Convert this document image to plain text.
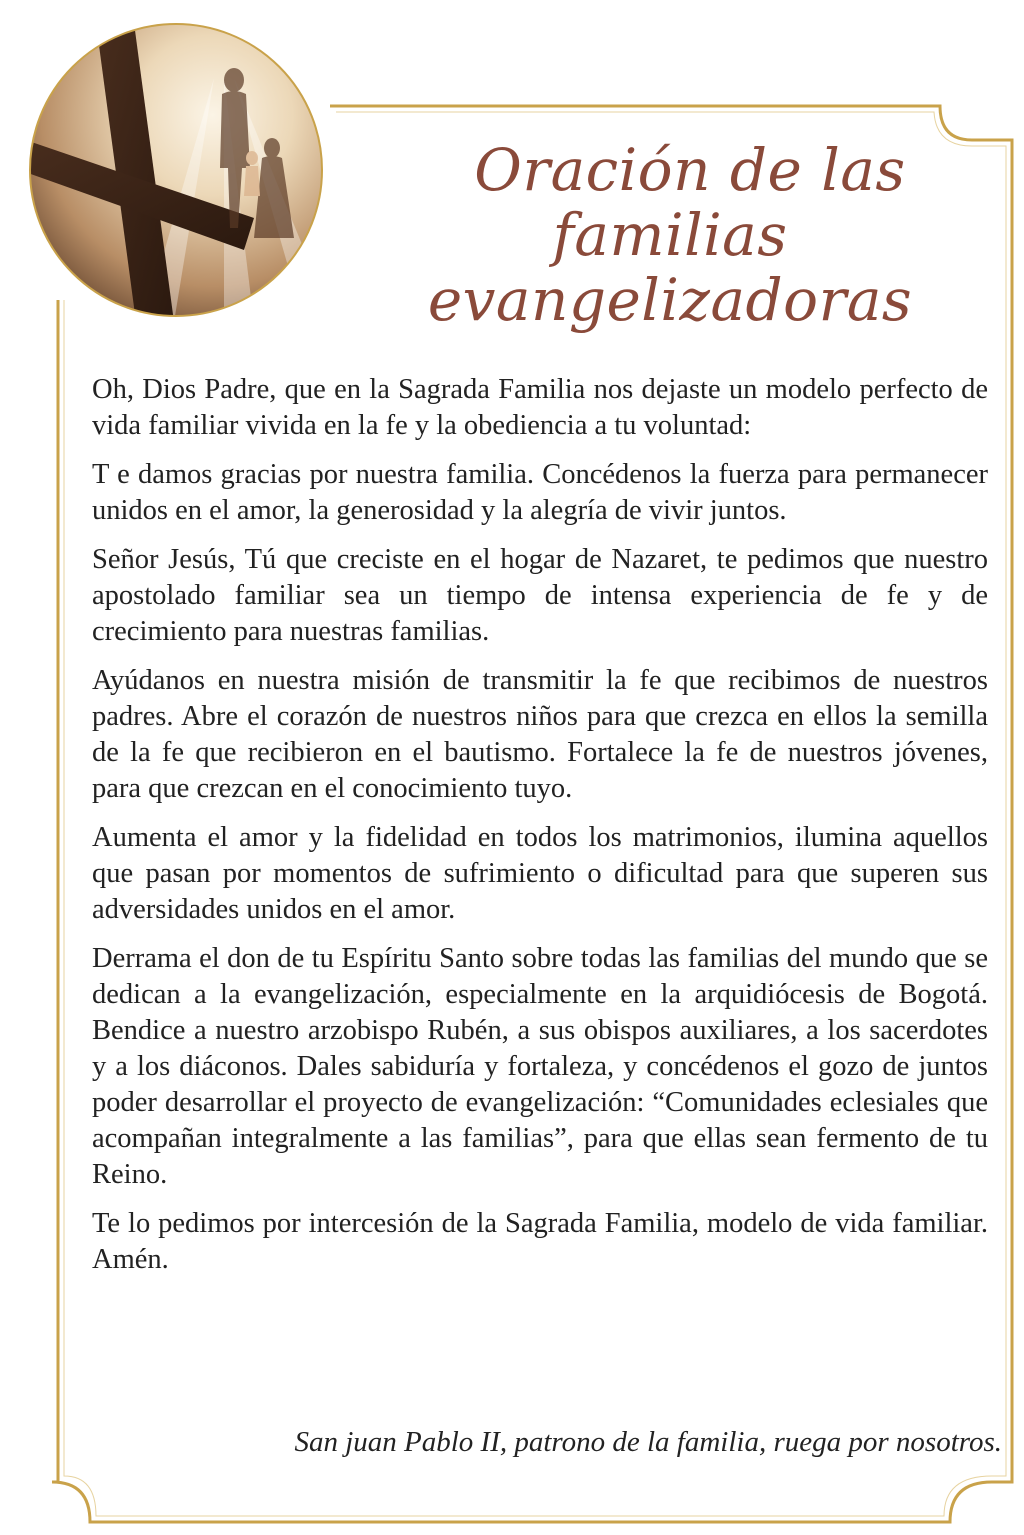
Oración de las
familias evangelizadoras

Oh, Dios Padre, que en la Sagrada Familia nos dejaste un modelo perfecto de vida familiar vivida en la fe y la obediencia a tu voluntad:

T e damos gracias por nuestra familia. Concédenos la fuerza para permanecer unidos en el amor, la generosidad y la alegría de vivir juntos.

Señor Jesús, Tú que creciste en el hogar de Nazaret, te pedimos que nuestro apostolado familiar sea un tiempo de intensa experiencia de fe y de crecimiento para nuestras familias.

Ayúdanos en nuestra misión de transmitir la fe que recibimos de nuestros padres. Abre el corazón de nuestros niños para que crezca en ellos la semilla de la fe que recibieron en el bautismo. Fortalece la fe de nuestros jóvenes, para que crezcan en el conocimiento tuyo.

Aumenta el amor y la fidelidad en todos los matrimonios, ilumina aquellos que pasan por momentos de sufrimiento o dificultad para que superen sus adversidades unidos en el amor.

Derrama el don de tu Espíritu Santo sobre todas las familias del mundo que se dedican a la evangelización, especialmente en la arquidiócesis de Bogotá. Bendice a nuestro arzobispo Rubén, a sus obispos auxiliares, a los sacerdotes y a los diáconos. Dales sabiduría y fortaleza, y concédenos el gozo de juntos poder desarrollar el proyecto de evangelización: “Comunidades eclesiales que acompañan integralmente a las familias”, para que ellas sean fermento de tu Reino.

Te lo pedimos por intercesión de la Sagrada Familia, modelo de vida familiar. Amén.

San juan Pablo II, patrono de la familia, ruega por nosotros.
